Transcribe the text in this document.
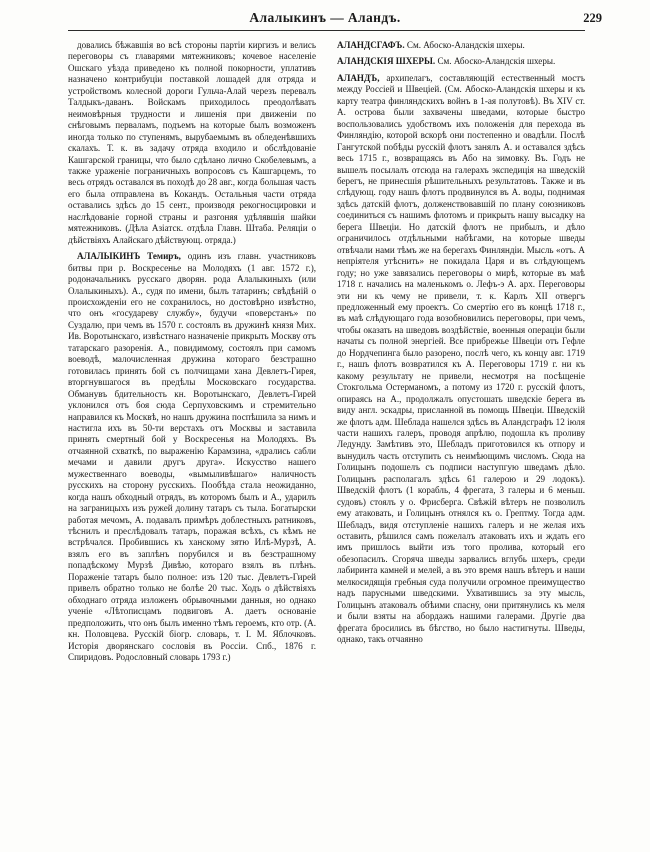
Алалыкинъ — Аландъ.	229

довались бѣжавшія во всѣ стороны партіи киргизъ и велись переговоры съ главарями мятежниковъ; кочевое населеніе Ошскаго уѣзда приведено къ полной покорности, уплативъ назначено контрибуціи поставкой лошадей для отряда и устройствомъ колесной дороги Гульча-Алай черезъ перевалъ Талдыкъ-даванъ. Войскамъ приходилось преодолѣвать неимовѣрныя трудности и лишенія при движеніи по снѣговымъ перваламъ, подъемъ на которые былъ возможенъ иногда только по ступенямъ, вырубаемымъ въ обледенѣвшихъ скалахъ. Т. к. въ задачу отряда входило и обслѣдованіе Кашгарской границы, что было сдѣлано лично Скобелевымъ, а также ураженіе пограничныхъ вопросовъ съ Кашгарцемъ, то весь отрядъ оставался въ походѣ до 28 авг., когда большая часть его была отправлена въ Кокандъ. Остальныя части отряда оставались здѣсь до 15 сент., производя рекогносцировки и наслѣдованіе горной страны и разгоняя удѣлявшія шайки мятежниковъ. (Дѣла Азіатск. отдѣла Главн. Штаба. Реляціи о дѣйствіяхъ Алайскаго дѣйствующ. отряда.)

АЛАЛЫКИНЪ Темиръ, одинъ изъ главн. участниковъ битвы при р. Воскресенье на Молодяхъ (1 авг. 1572 г.), родоначальникъ русскаго дворян. рода Алалыкиныхъ (или Олалыкиныхъ). А., судя по имени, былъ татаринъ; свѣдѣній о происхожденіи его не сохранилось, но достовѣрно извѣстно, что онъ «государеву службу», будучи «поверстанъ» по Суздалю, при чемъ въ 1570 г. состоялъ въ дружинѣ князя Мих. Ив. Воротынскаго, извѣстнаго назначеніе прикрыть Москву отъ татарскаго разоренія. А., повидимому, состоялъ при самомъ воеводѣ, малочисленная дружина котораго безстрашно готовилась принять бой съ полчищами хана Девлетъ-Гирея, вторгнувшагося въ предѣлы Московскаго государства. Обманувъ бдительность кн. Воротынскаго, Девлетъ-Гирей уклонился отъ боя сюда Серпуховскимъ и стремительно направился къ Москвѣ, но нашъ дружина поспѣшила за нимъ и настигла ихъ въ 50-ти верстахъ отъ Москвы и заставила принять смертный бой у Воскресенья на Молодяхъ. Въ отчаянной схваткѣ, по выраженію Карамзина, «дрались сабли мечами и давили другъ друга». Искусство нашего мужественнаго воеводы, «вымыливѣшаго» наличность русскихъ на сторону русскихъ. Пообѣда стала неожиданно, когда нашъ обходный отрядъ, въ которомъ былъ и А., ударилъ на заграницыхъ изъ ружей долину татаръ съ тыла. Богатырски работая мечомъ, А. подавалъ примѣръ доблестныхъ ратниковъ, тѣснилъ и преслѣдовалъ татаръ, поражая всѣхъ, съ кѣмъ не встрѣчался. Пробившись къ ханскому зятю Илѣ-Мурзѣ, А. взялъ его въ заплѣнъ порубился и въ безстрашному попадѣскому Мурзѣ Дивѣю, котораго взялъ въ плѣнъ. Пораженіе татаръ было полное: изъ 120 тыс. Девлетъ-Гирей привелъ обратно только не болѣе 20 тыс. Ходъ о дѣйствіяхъ обходнаго отряда изложенъ обрывочными данныя, но однако ученіе «Лѣтописцамъ подвиговъ А. даетъ основаніе предположить, что онъ былъ именно тѣмъ героемъ, кто отр. (А. кн. Половцева. Русскій біогр. словарь, т. І. М. Яблочковъ. Исторія дворянскаго сословія въ Россіи. Спб., 1876 г. Спиридовъ. Родословный словарь 1793 г.)

АЛАНДСГАФЪ. См. Абоско-Аландскія шхеры.

АЛАНДСКІЯ ШХЕРЫ. См. Абоско-Аландскія шхеры.

АЛАНДЪ, архипелагъ, составляющій естественный мостъ между Россіей и Швеціей. (См. Абоско-Аландскія шхеры и къ карту театра финляндскихъ войнъ в 1-ая полутовѣ). Въ XIV ст. А. острова были захвачены шведами, которые быстро воспользовались удобствомъ ихъ положенія для перехода въ Финляндію, которой вскорѣ они постепенно и овадѣли. Послѣ Гангутской побѣды русскій флотъ занялъ А. и оставался здѣсь весь 1715 г., возвращаясь въ Або на зимовку. Въ. Годъ не вышелъ посылалъ отсюда на галерахъ экспедиція на шведскій берегъ, не принесшія рѣшительныхъ результатовъ. Также и въ слѣдующ. году нашъ флотъ продвинулся въ А. воды, поднимая здѣсь датскій флотъ, долженствовавшій по плану союзниковъ соединиться съ нашимъ флотомъ и прикрыть нашу высадку на берега Швеціи. Но датскій флотъ не прибылъ, и дѣло ограничилось отдѣльными набѣгами, на которые шведы отвѣчали нами тѣмъ же на берегахъ Финляндіи. Мысль «отъ. А непріятеля утѣснить» не покидала Царя и въ слѣдующемъ году; но уже завязались переговоры о мирѣ, которые въ маѣ 1718 г. начались на маленькомъ о. Лефъ-э А. арх. Переговоры эти ни къ чему не привели, т. к. Карлъ XII отвергъ предложенный ему проектъ. Со смертію его въ концѣ 1718 г., въ маѣ слѣдующаго года возобновились переговоры, при чемъ, чтобы оказать на шведовъ воздѣйствіе, военныя операціи были начаты съ полной энергіей. Все прибрежье Швеціи отъ Гефле до Нордчепинга было разорено, послѣ чего, къ концу авг. 1719 г., нашъ флотъ возвратился къ А. Переговоры 1719 г. ни къ какому результату не привели, несмотря на посѣщеніе Стокгольма Остерманомъ, а потому из 1720 г. русскій флотъ, опираясь на А., продолжалъ опустошать шведскіе берега въ виду англ. эскадры, присланной въ помощь Швеціи. Шведскій же флотъ адм. Шеблада нашелся здѣсь въ Аландсграфъ 12 іюля части нашихъ галеръ, проводя апрѣлю, подошла къ проливу Ледунду. Замѣтивъ это, Шебладъ приготовился къ отпору и вынудилъ часть отступить съ неимѣющимъ числомъ. Сюда на Голицынъ подошелъ съ подписи наступгую шведамъ дѣло. Голицынъ располагалъ здѣсь 61 галерою и 29 лодокъ). Шведскій флотъ (1 корабль, 4 фрегата, 3 галеры и 6 меньш. судовъ) стоялъ у о. Фрисберга. Свѣжій вѣтеръ не позволилъ ему атаковать, и Голицынъ отнялся къ о. Грептму. Тогда адм. Шебладъ, видя отступленіе нашихъ галеръ и не желая ихъ оставить, рѣшился самъ пожелалъ атаковать ихъ и ждать его имъ пришлось выйти изъ того пролива, который его обезопасилъ. Сгоряча шведы зарвались вглубь шхеръ, среди лабиринта камней и мелей, а въ это время нашъ вѣтеръ и наши мелкосидящія гребныя суда получили огромное преимущество надъ парусными шведскими. Ухватившись за эту мысль, Голицынъ атаковалъ обѣими спасну, они притянулись къ меля и были взяты на абордажъ нашими галерами. Другіе два фрегата бросились въ бѣгство, но было настигнуты. Шведы, однако, такъ отчаянно
